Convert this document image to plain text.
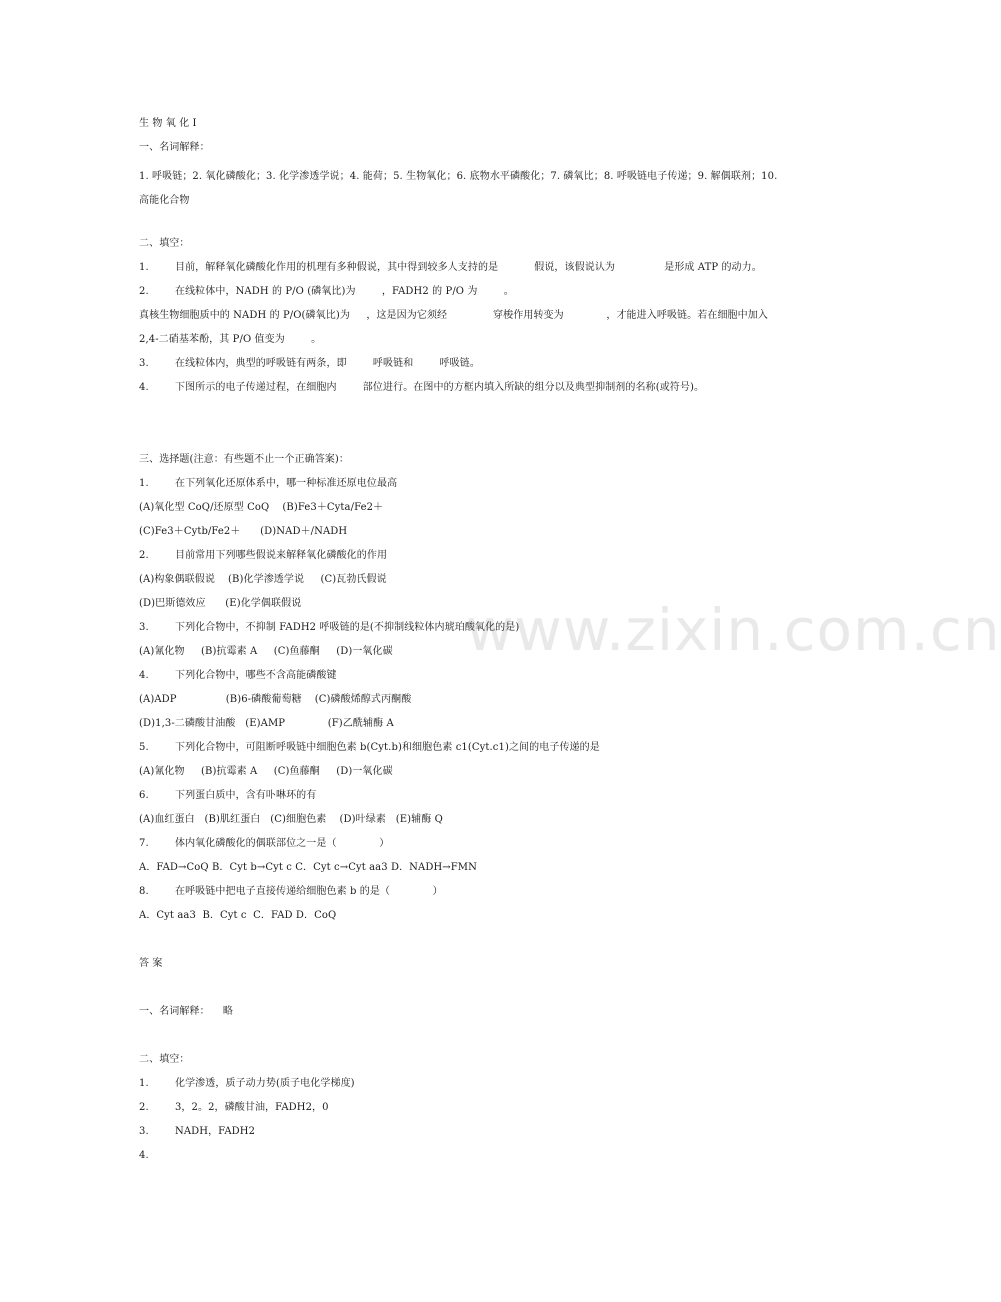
www.zixin.com.cn
生 物 氧 化 I
一、名词解释：
1. 呼吸链；2. 氧化磷酸化；3. 化学渗透学说；4. 能荷；5. 生物氧化；6. 底物水平磷酸化；7. 磷氧比；8. 呼吸链电子传递；9. 解偶联剂；10. 高能化合物
二、填空：
1.        目前，解释氧化磷酸化作用的机理有多种假说，其中得到较多人支持的是           假说，该假说认为               是形成 ATP 的动力。
2.        在线粒体中，NADH 的 P/O (磷氧比)为        ，FADH2 的 P/O 为        。
真核生物细胞质中的 NADH 的 P/O(磷氧比)为     ，这是因为它须经              穿梭作用转变为             ，才能进入呼吸链。若在细胞中加入
2,4-二硝基苯酚，其 P/O 值变为        。
3.        在线粒体内，典型的呼吸链有两条，即        呼吸链和        呼吸链。
4.        下图所示的电子传递过程，在细胞内        部位进行。在图中的方框内填入所缺的组分以及典型抑制剂的名称(或符号)。
三、选择题(注意：有些题不止一个正确答案)：
1.        在下列氧化还原体系中，哪一种标准还原电位最高
(A)氧化型 CoQ/还原型 CoQ    (B)Fe3＋Cyta/Fe2＋
(C)Fe3＋Cytb/Fe2＋      (D)NAD＋/NADH
2.        目前常用下列哪些假说来解释氧化磷酸化的作用
(A)构象偶联假说    (B)化学渗透学说     (C)瓦勃氏假说
(D)巴斯德效应      (E)化学偶联假说
3.        下列化合物中，不抑制 FADH2 呼吸链的是(不抑制线粒体内琥珀酸氧化的是)
(A)氰化物     (B)抗霉素 A     (C)鱼藤酮     (D)一氧化碳
4.        下列化合物中，哪些不含高能磷酸键
(A)ADP               (B)6-磷酸葡萄糖    (C)磷酸烯醇式丙酮酸
(D)1,3-二磷酸甘油酸   (E)AMP             (F)乙酰辅酶 A
5.        下列化合物中，可阻断呼吸链中细胞色素 b(Cyt.b)和细胞色素 c1(Cyt.c1)之间的电子传递的是
(A)氰化物     (B)抗霉素 A     (C)鱼藤酮     (D)一氧化碳
6.        下列蛋白质中，含有卟啉环的有
(A)血红蛋白   (B)肌红蛋白   (C)细胞色素    (D)叶绿素   (E)辅酶 Q
7.        体内氧化磷酸化的偶联部位之一是（             ）
A．FAD→CoQ B．Cyt b→Cyt c C．Cyt c→Cyt aa3 D．NADH→FMN
8.        在呼吸链中把电子直接传递给细胞色素 b 的是（             ）
A．Cyt aa3  B．Cyt c  C．FAD D．CoQ
答 案
一、名词解释：    略
二、填空：
1.        化学渗透，质子动力势(质子电化学梯度)
2.        3，2。2，磷酸甘油，FADH2，0
3.        NADH，FADH2
4.
